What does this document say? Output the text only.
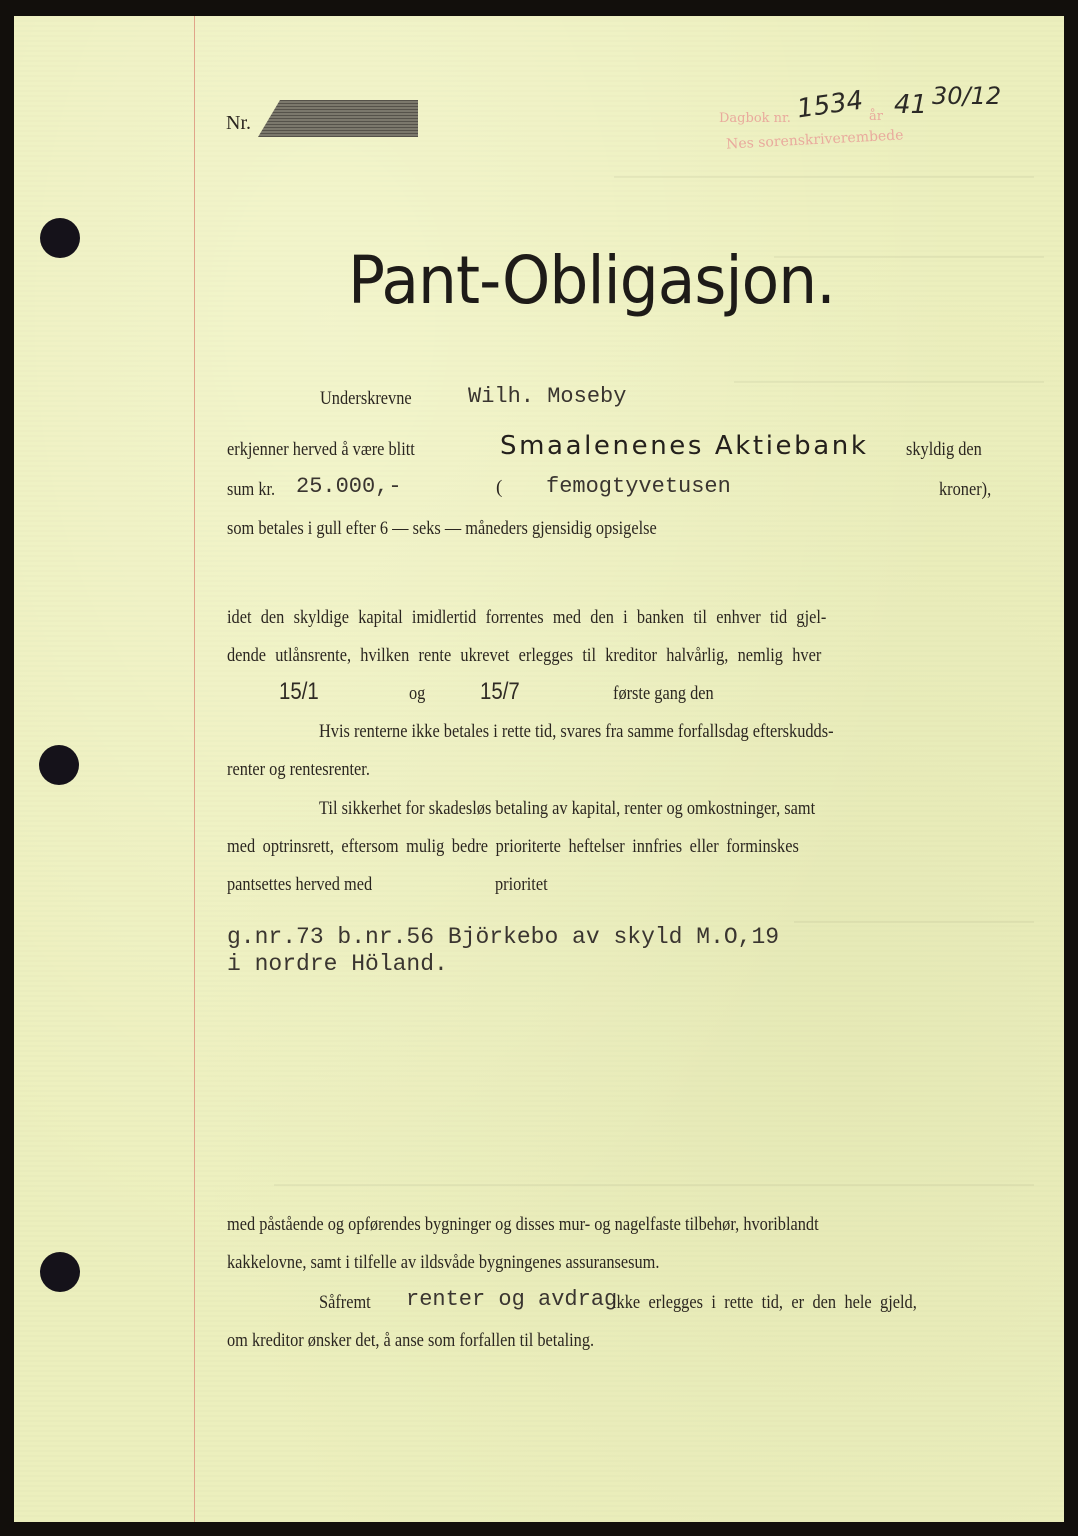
Nr.	Dagbok nr.	år
Nes sorenskriverembede
1534 41 30/12
Pant-Obligasjon.
Underskrevne	Wilh. Moseby
erkjenner herved å være blitt	Smaalenenes Aktiebank skyldig den
sum kr. 25.000,-	( femogtyvetusen	kroner),
som betales i gull efter 6 — seks — måneders gjensidig opsigelse
idet den skyldige kapital imidlertid forrentes med den i banken til enhver tid gjel-
dende utlånsrente, hvilken rente ukrevet erlegges til kreditor halvårlig, nemlig hver
15/1	og 15/7	første gang den
Hvis renterne ikke betales i rette tid, svares fra samme forfallsdag efterskudds-
renter og rentesrenter.
Til sikkerhet for skadesløs betaling av kapital, renter og omkostninger, samt
med optrinsrett, eftersom mulig bedre prioriterte heftelser innfries eller forminskes
pantsettes herved med	prioritet
g.nr.73 b.nr.56 Björkebo av skyld M.O,19
i nordre Höland.
med påstående og opførendes bygninger og disses mur- og nagelfaste tilbehør, hvoriblandt
kakkelovne, samt i tilfelle av ildsvåde bygningenes assuransesum.
Såfremt renter og avdrag
ikke erlegges i rette tid, er den hele gjeld,
om kreditor ønsker det, å anse som forfallen til betaling.
